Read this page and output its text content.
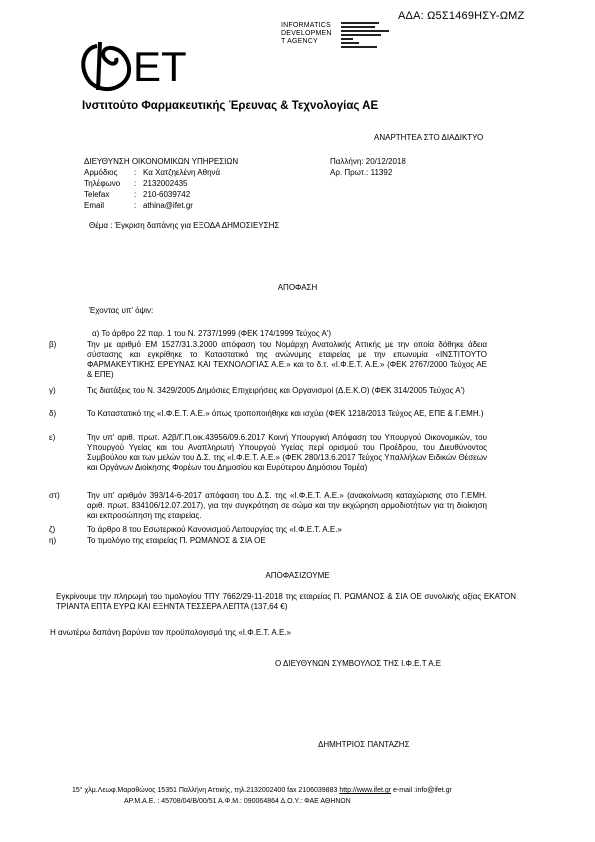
ΑΔΑ: Ω5Σ1469ΗΣΥ-ΩΜΖ
ET
INFORMATICS
DEVELOPMEN
T AGENCY
Ινστιτούτο Φαρμακευτικής Έρευνας & Τεχνολογίας ΑΕ
ΑΝΑΡΤΗΤΕΑ ΣΤΟ ΔΙΑΔΙΚΤΥΟ
ΔΙΕΥΘΥΝΣΗ ΟΙΚΟΝΟΜΙΚΩΝ ΥΠΗΡΕΣΙΩΝ
Αρμόδιος	: Κα Χατζηελένη Αθηνά
Τηλέφωνο	: 2132002435
Telefax	: 210-6039742
Email	: athina@ifet.gr
Παλλήνη: 20/12/2018
Αρ. Πρωτ.: 11392
Θέμα : Έγκριση δαπάνης για ΕΞΟΔΑ ΔΗΜΟΣΙΕΥΣΗΣ
ΑΠΟΦΑΣΗ
Έχοντας υπ' όψιν:
α) Το άρθρο 22 παρ. 1 του Ν. 2737/1999 (ΦΕΚ 174/1999 Τεύχος Α')
β)	Την με αριθμό ΕΜ 1527/31.3.2000 απόφαση του Νομάρχη Ανατολικής Αττικής με την οποία δόθηκε άδεια σύστασης και εγκρίθηκε το Καταστατικό της ανώνυμης εταιρείας με την επωνυμία «ΙΝΣΤΙΤΟΥΤΟ ΦΑΡΜΑΚΕΥΤΙΚΗΣ ΕΡΕΥΝΑΣ ΚΑΙ ΤΕΧΝΟΛΟΓΙΑΣ Α.Ε.» και το δ.τ. «Ι.Φ.Ε.Τ. Α.Ε.» (ΦΕΚ 2767/2000 Τεύχος ΑΕ & ΕΠΕ)
γ)	Τις διατάξεις του Ν. 3429/2005 Δημόσιες Επιχειρήσεις και Οργανισμοί (Δ.Ε.Κ.Ο) (ΦΕΚ 314/2005 Τεύχος Α')
δ)	Το Καταστατικό της «Ι.Φ.Ε.Τ. Α.Ε.» όπως τροποποιήθηκε και ισχύει (ΦΕΚ 1218/2013 Τεύχος ΑΕ, ΕΠΕ & Γ.ΕΜΗ.)
ε)	Την υπ' αριθ. πρωτ. Α2β/Γ.Π.οικ.43956/09.6.2017 Κοινή Υπουργική Απόφαση του Υπουργού Οικονομικών, του Υπουργού Υγείας και του Αναπληρωτή Υπουργού Υγείας περί ορισμού του Προέδρου, του Διευθύνοντος Συμβούλου και των μελών του Δ.Σ. της «Ι.Φ.Ε.Τ. Α.Ε.» (ΦΕΚ 280/13.6.2017 Τεύχος Υπαλλήλων Ειδικών Θέσεων και Οργάνων Διοίκησης Φορέων του Δημοσίου και Ευρύτερου Δημόσιου Τομέα)
στ)	Την υπ' αριθμόν 393/14-6-2017 απόφαση του Δ.Σ. της «Ι.Φ.Ε.Τ. Α.Ε.» (ανακοίνωση καταχώρισης στο Γ.ΕΜΗ. αριθ. πρωτ. 834106/12.07.2017), για την συγκρότηση σε σώμα και την εκχώρηση αρμοδιοτήτων για τη διοίκηση και εκπροσώπηση της εταιρείας.
ζ)	Το άρθρο 8 του Εσωτερικού Κανονισμού Λειτουργίας της «Ι.Φ.Ε.Τ. Α.Ε.»
η)	Το τιμολόγιο της εταιρείας Π. ΡΩΜΑΝΟΣ & ΣΙΑ ΟΕ
ΑΠΟΦΑΣΙΖΟΥΜΕ
Εγκρίνουμε την πληρωμή του τιμολογίου ΤΠΥ 7662/29-11-2018 της εταιρείας Π. ΡΩΜΑΝΟΣ & ΣΙΑ ΟΕ συνολικής αξίας ΕΚΑΤΟΝ ΤΡΙΑΝΤΑ ΕΠΤΑ ΕΥΡΩ ΚΑΙ ΕΞΗΝΤΑ ΤΕΣΣΕΡΑ ΛΕΠΤΑ (137,64 €)
Η ανωτέρω δαπάνη βαρύνει τον προϋπολογισμό της «Ι.Φ.Ε.Τ. Α.Ε.»
Ο ΔΙΕΥΘΥΝΩΝ ΣΥΜΒΟΥΛΟΣ ΤΗΣ Ι.Φ.Ε.Τ Α.Ε
ΔΗΜΗΤΡΙΟΣ ΠΑΝΤΑΖΗΣ
15° χλμ.Λεωφ.Μαραθώνος 15351 Παλλήνη Αττικής, τηλ.2132002400 fax 2106039883 http://www.ifet.gr e-mail :info@ifet.gr
ΑΡ.Μ.Α.Ε. : 45708/04/Β/00/51 Α.Φ.Μ.: 090064864 Δ.Ο.Υ.: ΦΑΕ ΑΘΗΝΩΝ
